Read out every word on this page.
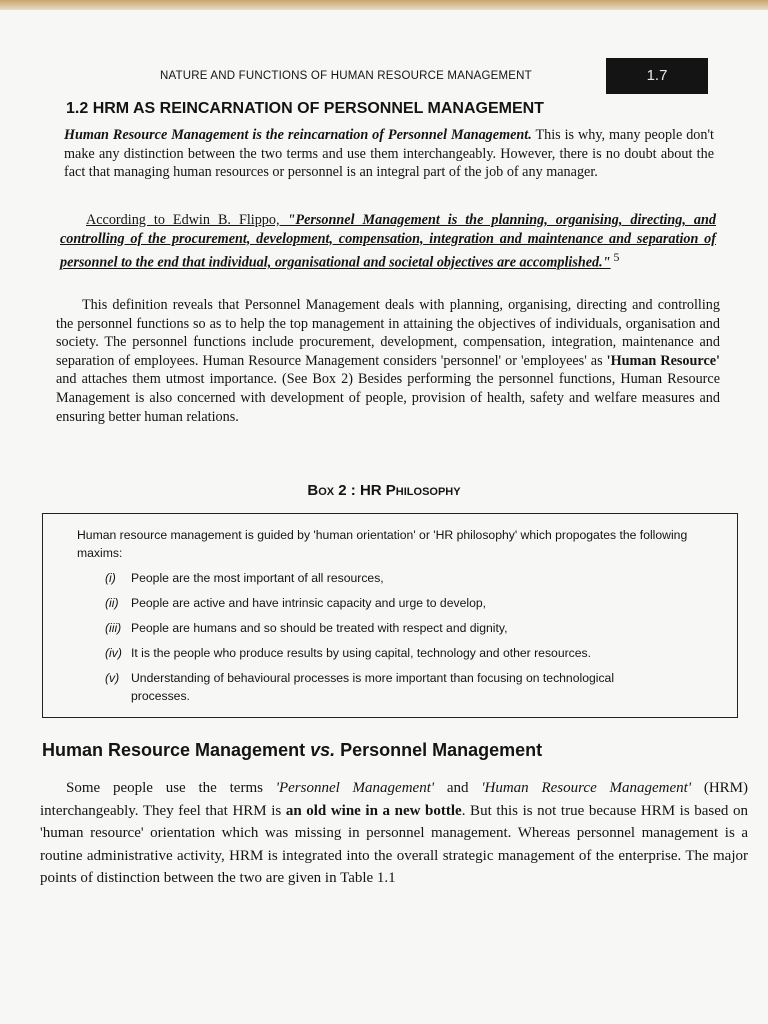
NATURE AND FUNCTIONS OF HUMAN RESOURCE MANAGEMENT	1.7
1.2 HRM AS REINCARNATION OF PERSONNEL MANAGEMENT
Human Resource Management is the reincarnation of Personnel Management. This is why, many people don't make any distinction between the two terms and use them interchangeably. However, there is no doubt about the fact that managing human resources or personnel is an integral part of the job of any manager.
According to Edwin B. Flippo, "Personnel Management is the planning, organising, directing, and controlling of the procurement, development, compensation, integration and maintenance and separation of personnel to the end that individual, organisational and societal objectives are accomplished." $^5$
This definition reveals that Personnel Management deals with planning, organising, directing and controlling the personnel functions so as to help the top management in attaining the objectives of individuals, organisation and society. The personnel functions include procurement, development, compensation, integration, maintenance and separation of employees. Human Resource Management considers 'personnel' or 'employees' as 'Human Resource' and attaches them utmost importance. (See Box 2) Besides performing the personnel functions, Human Resource Management is also concerned with development of people, provision of health, safety and welfare measures and ensuring better human relations.
Box 2 : HR Philosophy
Human resource management is guided by 'human orientation' or 'HR philosophy' which propogates the following maxims:
(i) People are the most important of all resources,
(ii) People are active and have intrinsic capacity and urge to develop,
(iii) People are humans and so should be treated with respect and dignity,
(iv) It is the people who produce results by using capital, technology and other resources.
(v) Understanding of behavioural processes is more important than focusing on technological
processes.
Human Resource Management vs. Personnel Management
Some people use the terms 'Personnel Management' and 'Human Resource Management' (HRM) interchangeably. They feel that HRM is an old wine in a new bottle. But this is not true because HRM is based on 'human resource' orientation which was missing in personnel management. Whereas personnel management is a routine administrative activity, HRM is integrated into the overall strategic management of the enterprise. The major points of distinction between the two are given in Table 1.1
